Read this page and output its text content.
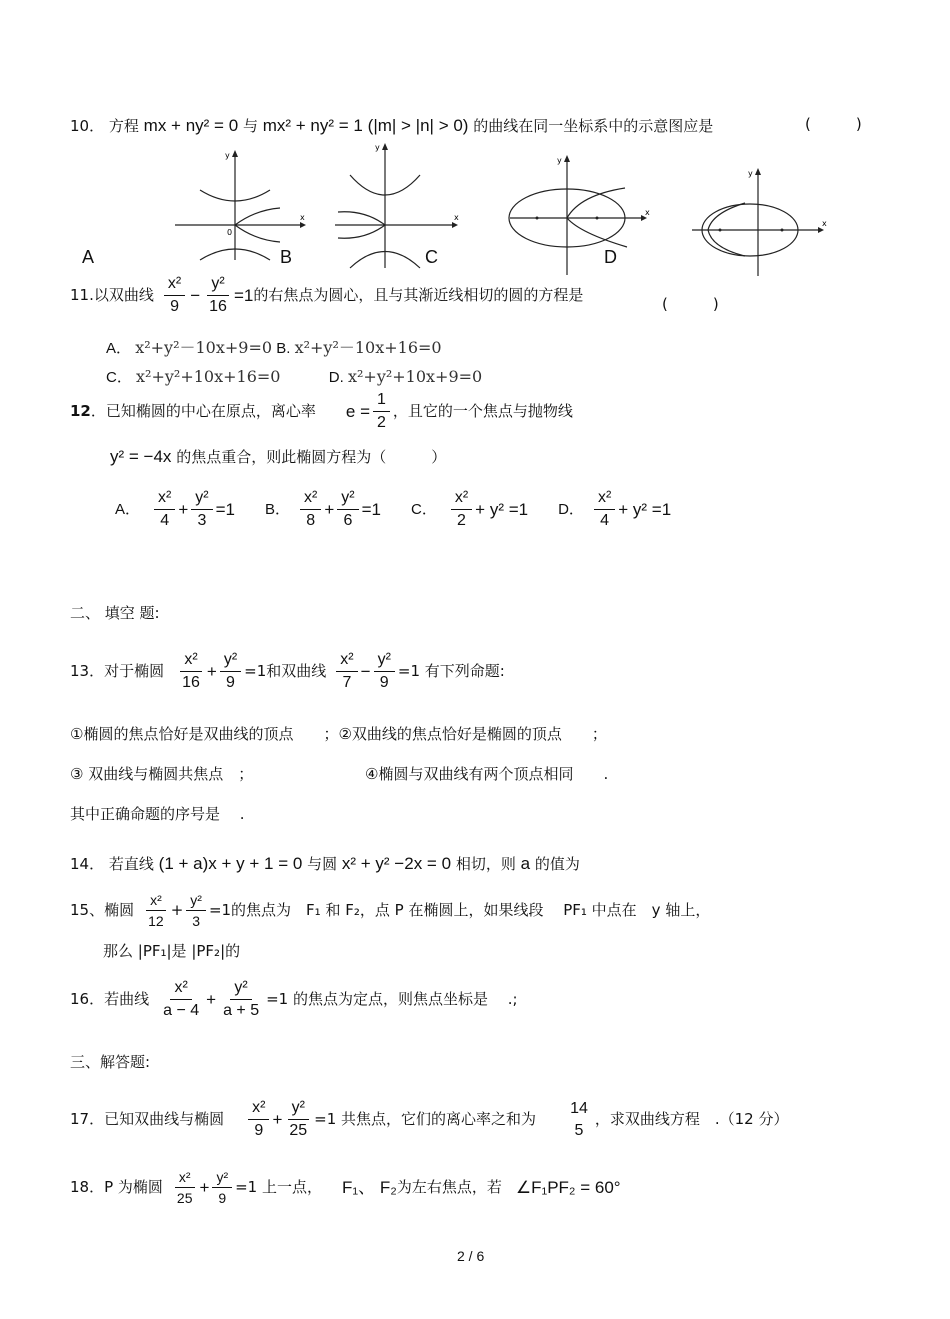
10． 方程 mx + ny² = 0 与 mx² + ny² = 1 (|m| > |n| > 0) 的曲线在同一坐标系中的示意图应是	(　　　)
x
y
0
A	B
x
y
C
x
y
D
x
y
11. 以双曲线 $\frac{\text{x²}}{9} - \frac{\text{y²}}{16} =1$ 的右焦点为圆心，且与其渐近线相切的圆的方程是	(　　　)
A． x²+y²－10x+9=0 B. x²+y²－10x+16=0
C． x²+y²+10x+16=0	D. x²+y²+10x+9=0
12 ．已知椭圆的中心在原点，离心率 $e = \frac{1}{2}$ ，且它的一个焦点与抛物线
y² = −4x 的焦点重合，则此椭圆方程为（　　　）
A． $\frac{\text{x²}}{4} + \frac{\text{y²}}{3} =1$ B． $\frac{\text{x²}}{8} + \frac{\text{y²}}{6} =1$ C． $\frac{\text{x²}}{2} + y^2 =1$ D． $\frac{\text{x²}}{4} + y^2 =1$
二、 填空 题:
13． 对于椭圆 $\frac{\text{x²}}{16} + \frac{\text{y²}}{9} =1$和双曲线 $\frac{\text{x²}}{7} - \frac{\text{y²}}{9} =1$ 有下列命题:
①椭圆的焦点恰好是双曲线的顶点　　；②双曲线的焦点恰好是椭圆的顶点　　；
③ 双曲线与椭圆共焦点　；	④椭圆与双曲线有两个顶点相同　　.
其中正确命题的序号是　 .
14． 若直线 (1 + a)x + y + 1 = 0 与圆 x² + y² −2x = 0 相切，则 a 的值为
15、 椭圆 $\frac{\text{x²}}{12} + \frac{\text{y²}}{3} =1$的焦点为　F₁ 和 F₂，点 P 在椭圆上，如果线段　 PF₁ 中点在　y 轴上，
那么 |PF₁|是 |PF₂|的
16． 若曲线 $\frac{\text{x²}}{a - 4} + \frac{\text{y²}}{a + 5} =1$ 的焦点为定点，则焦点坐标是　 .;
三、解答题:
17． 已知双曲线与椭圆 $\frac{\text{x²}}{9} + \frac{\text{y²}}{25} =1$ 共焦点，它们的离心率之和为
14
5
，求双曲线方程　.（12 分）
18． P 为椭圆 $\frac{\text{x²}}{25} + \frac{\text{y²}}{9} =1$ 上一点， F₁、 F₂ 为左右焦点，若 ∠F₁PF₂ = 60°
2 / 6
